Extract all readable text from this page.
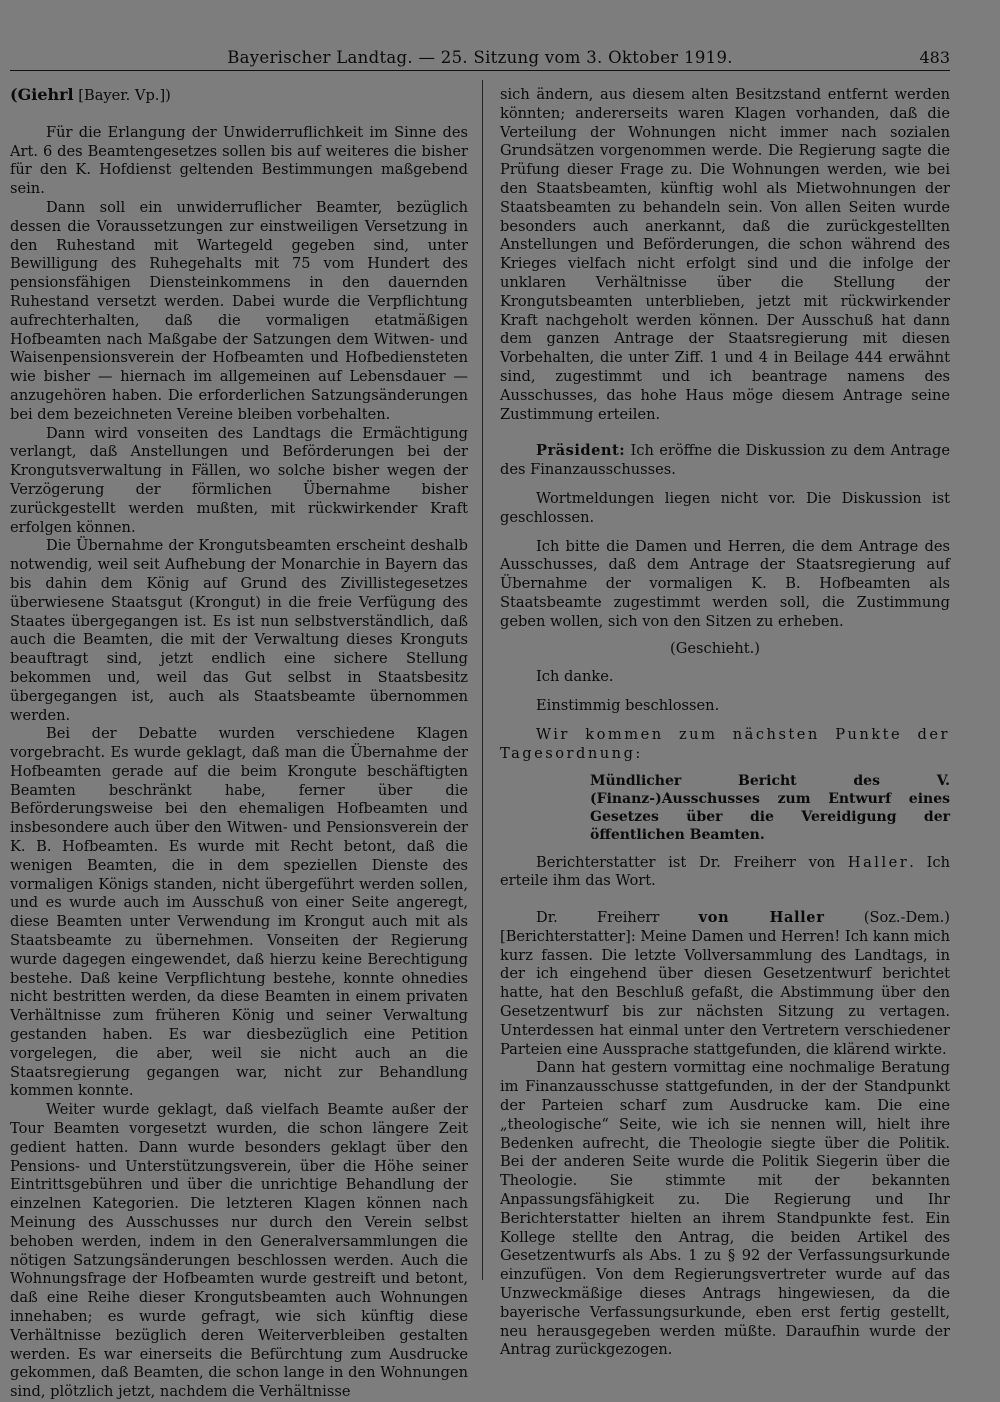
Bayerischer Landtag. — 25. Sitzung vom 3. Oktober 1919.	483

(Giehrl [Bayer. Vp.])

Für die Erlangung der Unwiderruflichkeit im Sinne des Art. 6 des Beamtengesetzes sollen bis auf weiteres die bisher für den K. Hofdienst geltenden Bestimmungen maßgebend sein.

Dann soll ein unwiderruflicher Beamter, bezüglich dessen die Voraussetzungen zur einstweiligen Versetzung in den Ruhestand mit Wartegeld gegeben sind, unter Bewilligung des Ruhegehalts mit 75 vom Hundert des pensionsfähigen Diensteinkommens in den dauernden Ruhestand versetzt werden. Dabei wurde die Verpflichtung aufrechterhalten, daß die vormaligen etatmäßigen Hofbeamten nach Maßgabe der Satzungen dem Witwen- und Waisenpensionsverein der Hofbeamten und Hofbediensteten wie bisher — hiernach im allgemeinen auf Lebensdauer — anzugehören haben. Die erforderlichen Satzungsänderungen bei dem bezeichneten Vereine bleiben vorbehalten.

Dann wird vonseiten des Landtags die Ermächtigung verlangt, daß Anstellungen und Beförderungen bei der Krongutsverwaltung in Fällen, wo solche bisher wegen der Verzögerung der förmlichen Übernahme bisher zurückgestellt werden mußten, mit rückwirkender Kraft erfolgen können.

Die Übernahme der Krongutsbeamten erscheint deshalb notwendig, weil seit Aufhebung der Monarchie in Bayern das bis dahin dem König auf Grund des Zivillistegesetzes überwiesene Staatsgut (Krongut) in die freie Verfügung des Staates übergegangen ist. Es ist nun selbstverständlich, daß auch die Beamten, die mit der Verwaltung dieses Kronguts beauftragt sind, jetzt endlich eine sichere Stellung bekommen und, weil das Gut selbst in Staatsbesitz übergegangen ist, auch als Staatsbeamte übernommen werden.

Bei der Debatte wurden verschiedene Klagen vorgebracht. Es wurde geklagt, daß man die Übernahme der Hofbeamten gerade auf die beim Krongute beschäftigten Beamten beschränkt habe, ferner über die Beförderungsweise bei den ehemaligen Hofbeamten und insbesondere auch über den Witwen- und Pensionsverein der K. B. Hofbeamten. Es wurde mit Recht betont, daß die wenigen Beamten, die in dem speziellen Dienste des vormaligen Königs standen, nicht übergeführt werden sollen, und es wurde auch im Ausschuß von einer Seite angeregt, diese Beamten unter Verwendung im Krongut auch mit als Staatsbeamte zu übernehmen. Vonseiten der Regierung wurde dagegen eingewendet, daß hierzu keine Berechtigung bestehe. Daß keine Verpflichtung bestehe, konnte ohnedies nicht bestritten werden, da diese Beamten in einem privaten Verhältnisse zum früheren König und seiner Verwaltung gestanden haben. Es war diesbezüglich eine Petition vorgelegen, die aber, weil sie nicht auch an die Staatsregierung gegangen war, nicht zur Behandlung kommen konnte.

Weiter wurde geklagt, daß vielfach Beamte außer der Tour Beamten vorgesetzt wurden, die schon längere Zeit gedient hatten. Dann wurde besonders geklagt über den Pensions- und Unterstützungsverein, über die Höhe seiner Eintrittsgebühren und über die unrichtige Behandlung der einzelnen Kategorien. Die letzteren Klagen können nach Meinung des Ausschusses nur durch den Verein selbst behoben werden, indem in den Generalversammlungen die nötigen Satzungsänderungen beschlossen werden. Auch die Wohnungsfrage der Hofbeamten wurde gestreift und betont, daß eine Reihe dieser Krongutsbeamten auch Wohnungen innehaben; es wurde gefragt, wie sich künftig diese Verhältnisse bezüglich deren Weiterverbleiben gestalten werden. Es war einerseits die Befürchtung zum Ausdrucke gekommen, daß Beamten, die schon lange in den Wohnungen sind, plötzlich jetzt, nachdem die Verhältnisse

sich ändern, aus diesem alten Besitzstand entfernt werden könnten; andererseits waren Klagen vorhanden, daß die Verteilung der Wohnungen nicht immer nach sozialen Grundsätzen vorgenommen werde. Die Regierung sagte die Prüfung dieser Frage zu. Die Wohnungen werden, wie bei den Staatsbeamten, künftig wohl als Mietwohnungen der Staatsbeamten zu behandeln sein. Von allen Seiten wurde besonders auch anerkannt, daß die zurückgestellten Anstellungen und Beförderungen, die schon während des Krieges vielfach nicht erfolgt sind und die infolge der unklaren Verhältnisse über die Stellung der Krongutsbeamten unterblieben, jetzt mit rückwirkender Kraft nachgeholt werden können. Der Ausschuß hat dann dem ganzen Antrage der Staatsregierung mit diesen Vorbehalten, die unter Ziff. 1 und 4 in Beilage 444 erwähnt sind, zugestimmt und ich beantrage namens des Ausschusses, das hohe Haus möge diesem Antrage seine Zustimmung erteilen.

Präsident: Ich eröffne die Diskussion zu dem Antrage des Finanzausschusses.

Wortmeldungen liegen nicht vor. Die Diskussion ist geschlossen.

Ich bitte die Damen und Herren, die dem Antrage des Ausschusses, daß dem Antrage der Staatsregierung auf Übernahme der vormaligen K. B. Hofbeamten als Staatsbeamte zugestimmt werden soll, die Zustimmung geben wollen, sich von den Sitzen zu erheben.

(Geschieht.)

Ich danke.

Einstimmig beschlossen.

Wir kommen zum nächsten Punkte der Tagesordnung:

Mündlicher Bericht des V. (Finanz-)Ausschusses zum Entwurf eines Gesetzes über die Vereidigung der öffentlichen Beamten.

Berichterstatter ist Dr. Freiherr von Haller. Ich erteile ihm das Wort.

Dr. Freiherr von Haller (Soz.-Dem.) [Berichterstatter]: Meine Damen und Herren! Ich kann mich kurz fassen. Die letzte Vollversammlung des Landtags, in der ich eingehend über diesen Gesetzentwurf berichtet hatte, hat den Beschluß gefaßt, die Abstimmung über den Gesetzentwurf bis zur nächsten Sitzung zu vertagen. Unterdessen hat einmal unter den Vertretern verschiedener Parteien eine Aussprache stattgefunden, die klärend wirkte.

Dann hat gestern vormittag eine nochmalige Beratung im Finanzausschusse stattgefunden, in der der Standpunkt der Parteien scharf zum Ausdrucke kam. Die eine „theologische“ Seite, wie ich sie nennen will, hielt ihre Bedenken aufrecht, die Theologie siegte über die Politik. Bei der anderen Seite wurde die Politik Siegerin über die Theologie. Sie stimmte mit der bekannten Anpassungsfähigkeit zu. Die Regierung und Ihr Berichterstatter hielten an ihrem Standpunkte fest. Ein Kollege stellte den Antrag, die beiden Artikel des Gesetzentwurfs als Abs. 1 zu § 92 der Verfassungsurkunde einzufügen. Von dem Regierungsvertreter wurde auf das Unzweckmäßige dieses Antrags hingewiesen, da die bayerische Verfassungsurkunde, eben erst fertig gestellt, neu herausgegeben werden müßte. Daraufhin wurde der Antrag zurückgezogen.
